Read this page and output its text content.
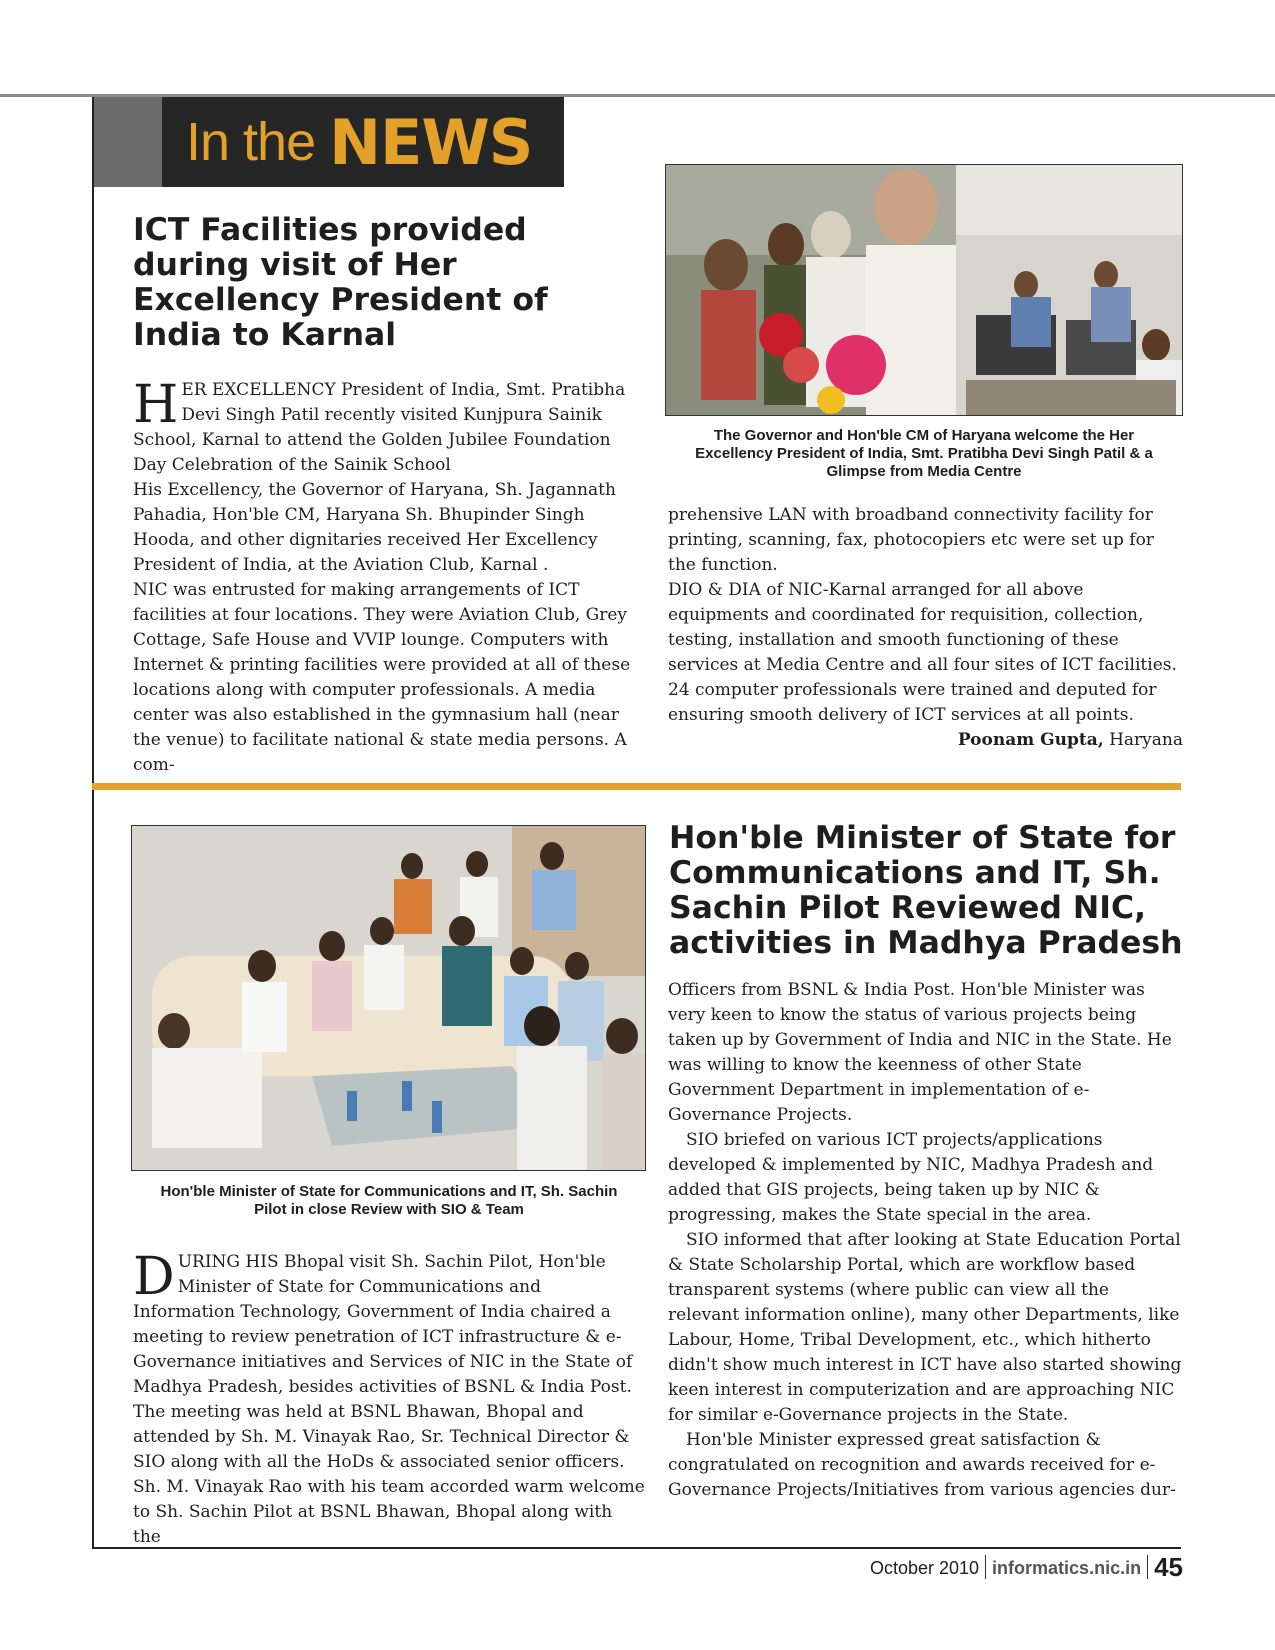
In the NEWS
ICT Facilities provided during visit of Her Excellency President of India to Karnal

HER EXCELLENCY President of India, Smt. Pratibha Devi Singh Patil recently visited Kunjpura Sainik School, Karnal to attend the Golden Jubilee Foundation Day Celebration of the Sainik School

His Excellency, the Governor of Haryana, Sh. Jagannath Pahadia, Hon'ble CM, Haryana Sh. Bhupinder Singh Hooda, and other dignitaries received Her Excellency President of India, at the Aviation Club, Karnal .

NIC was entrusted for making arrangements of ICT facilities at four locations. They were Aviation Club, Grey Cottage, Safe House and VVIP lounge. Computers with Internet & printing facilities were provided at all of these locations along with computer professionals. A media center was also established in the gymnasium hall (near the venue) to facilitate national & state media persons. A com-

The Governor and Hon'ble CM of Haryana welcome the Her Excellency President of India, Smt. Pratibha Devi Singh Patil & a Glimpse from Media Centre

prehensive LAN with broadband connectivity facility for printing, scanning, fax, photocopiers etc were set up for the function.

DIO & DIA of NIC-Karnal arranged for all above equipments and coordinated for requisition, collection, testing, installation and smooth functioning of these services at Media Centre and all four sites of ICT facilities. 24 computer professionals were trained and deputed for ensuring smooth delivery of ICT services at all points.

Poonam Gupta, Haryana

Hon'ble Minister of State for Communications and IT, Sh. Sachin Pilot in close Review with SIO & Team

DURING HIS Bhopal visit Sh. Sachin Pilot, Hon'ble Minister of State for Communications and Information Technology, Government of India chaired a meeting to review penetration of ICT infrastructure & e-Governance initiatives and Services of NIC in the State of Madhya Pradesh, besides activities of BSNL & India Post. The meeting was held at BSNL Bhawan, Bhopal and attended by Sh. M. Vinayak Rao, Sr. Technical Director & SIO along with all the HoDs & associated senior officers. Sh. M. Vinayak Rao with his team accorded warm welcome to Sh. Sachin Pilot at BSNL Bhawan, Bhopal along with the

Hon'ble Minister of State for Communications and IT, Sh. Sachin Pilot Reviewed NIC, activities in Madhya Pradesh

Officers from BSNL & India Post. Hon'ble Minister was very keen to know the status of various projects being taken up by Government of India and NIC in the State. He was willing to know the keenness of other State Government Department in implementation of e-Governance Projects.

SIO briefed on various ICT projects/applications developed & implemented by NIC, Madhya Pradesh and added that GIS projects, being taken up by NIC & progressing, makes the State special in the area.

SIO informed that after looking at State Education Portal & State Scholarship Portal, which are workflow based transparent systems (where public can view all the relevant information online), many other Departments, like Labour, Home, Tribal Development, etc., which hitherto didn't show much interest in ICT have also started showing keen interest in computerization and are approaching NIC for similar e-Governance projects in the State.

Hon'ble Minister expressed great satisfaction & congratulated on recognition and awards received for e-Governance Projects/Initiatives from various agencies dur-

October 2010 informatics.nic.in 45
